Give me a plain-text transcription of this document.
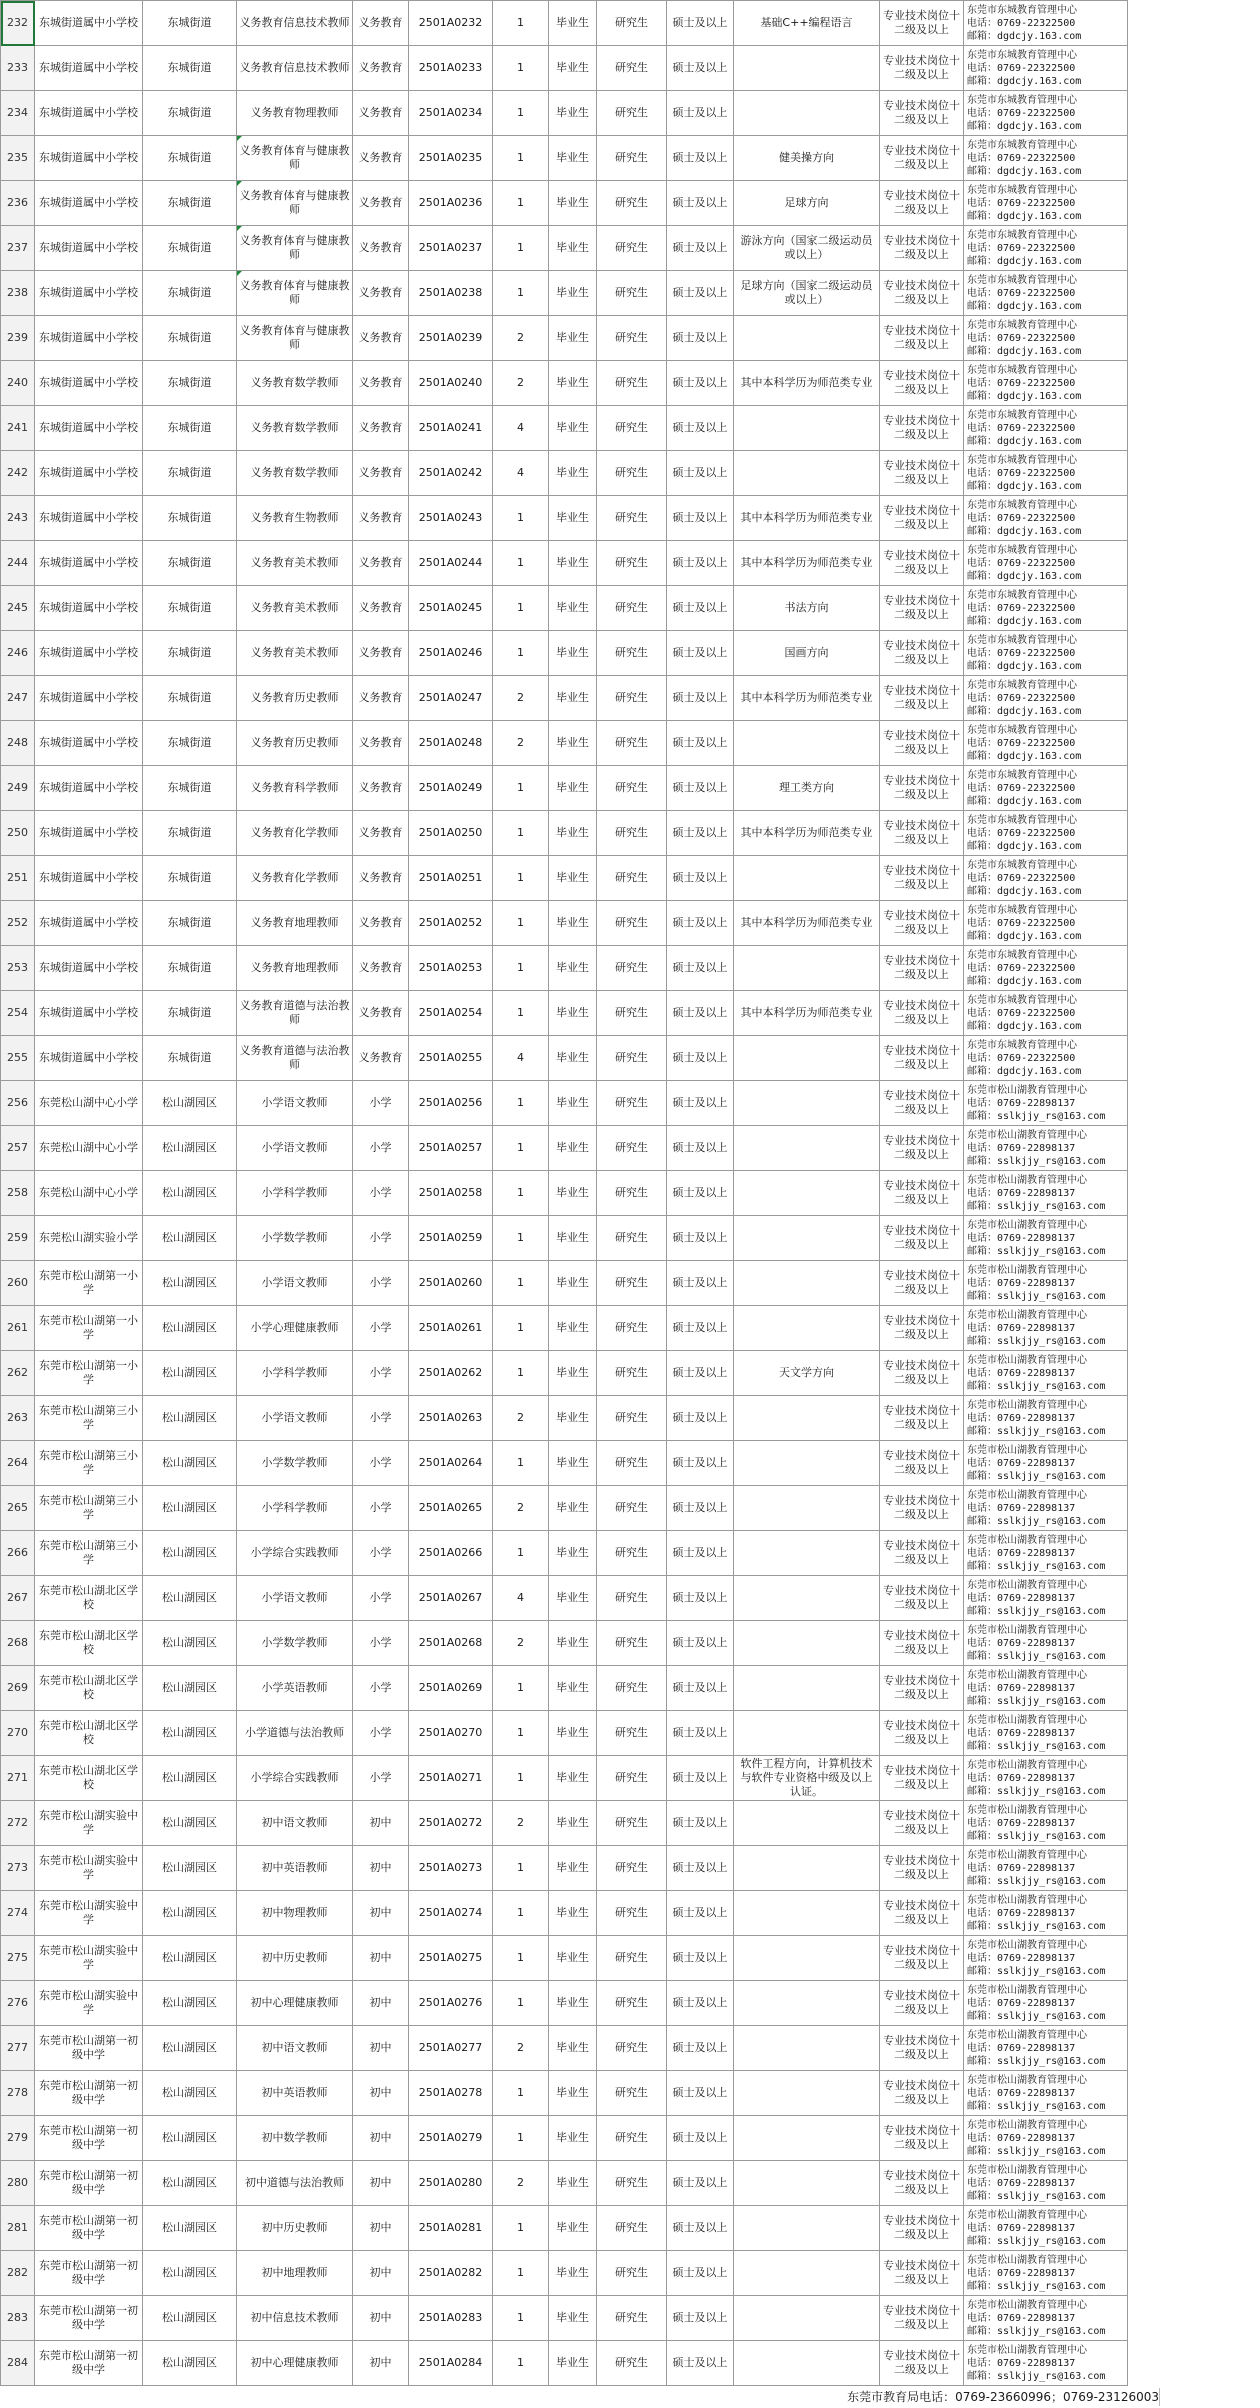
232	东城街道属中小学校	东城街道	义务教育信息技术教师	义务教育	2501A0232	1	毕业生	研究生	硕士及以上	基础C++编程语言	专业技术岗位十二级及以上	东莞市东城教育管理中心
电话：0769-22322500
邮箱：dgdcjy.163.com

233	东城街道属中小学校	东城街道	义务教育信息技术教师	义务教育	2501A0233	1	毕业生	研究生	硕士及以上		专业技术岗位十二级及以上	东莞市东城教育管理中心
电话：0769-22322500
邮箱：dgdcjy.163.com

234	东城街道属中小学校	东城街道	义务教育物理教师	义务教育	2501A0234	1	毕业生	研究生	硕士及以上		专业技术岗位十二级及以上	东莞市东城教育管理中心
电话：0769-22322500
邮箱：dgdcjy.163.com

235	东城街道属中小学校	东城街道	义务教育体育与健康教师	义务教育	2501A0235	1	毕业生	研究生	硕士及以上	健美操方向	专业技术岗位十二级及以上	东莞市东城教育管理中心
电话：0769-22322500
邮箱：dgdcjy.163.com

236	东城街道属中小学校	东城街道	义务教育体育与健康教师	义务教育	2501A0236	1	毕业生	研究生	硕士及以上	足球方向	专业技术岗位十二级及以上	东莞市东城教育管理中心
电话：0769-22322500
邮箱：dgdcjy.163.com

237	东城街道属中小学校	东城街道	义务教育体育与健康教师	义务教育	2501A0237	1	毕业生	研究生	硕士及以上	游泳方向（国家二级运动员或以上）	专业技术岗位十二级及以上	东莞市东城教育管理中心
电话：0769-22322500
邮箱：dgdcjy.163.com

238	东城街道属中小学校	东城街道	义务教育体育与健康教师	义务教育	2501A0238	1	毕业生	研究生	硕士及以上	足球方向（国家二级运动员或以上）	专业技术岗位十二级及以上	东莞市东城教育管理中心
电话：0769-22322500
邮箱：dgdcjy.163.com

239	东城街道属中小学校	东城街道	义务教育体育与健康教师	义务教育	2501A0239	2	毕业生	研究生	硕士及以上		专业技术岗位十二级及以上	东莞市东城教育管理中心
电话：0769-22322500
邮箱：dgdcjy.163.com

240	东城街道属中小学校	东城街道	义务教育数学教师	义务教育	2501A0240	2	毕业生	研究生	硕士及以上	其中本科学历为师范类专业	专业技术岗位十二级及以上	东莞市东城教育管理中心
电话：0769-22322500
邮箱：dgdcjy.163.com

241	东城街道属中小学校	东城街道	义务教育数学教师	义务教育	2501A0241	4	毕业生	研究生	硕士及以上		专业技术岗位十二级及以上	东莞市东城教育管理中心
电话：0769-22322500
邮箱：dgdcjy.163.com

242	东城街道属中小学校	东城街道	义务教育数学教师	义务教育	2501A0242	4	毕业生	研究生	硕士及以上		专业技术岗位十二级及以上	东莞市东城教育管理中心
电话：0769-22322500
邮箱：dgdcjy.163.com

243	东城街道属中小学校	东城街道	义务教育生物教师	义务教育	2501A0243	1	毕业生	研究生	硕士及以上	其中本科学历为师范类专业	专业技术岗位十二级及以上	东莞市东城教育管理中心
电话：0769-22322500
邮箱：dgdcjy.163.com

244	东城街道属中小学校	东城街道	义务教育美术教师	义务教育	2501A0244	1	毕业生	研究生	硕士及以上	其中本科学历为师范类专业	专业技术岗位十二级及以上	东莞市东城教育管理中心
电话：0769-22322500
邮箱：dgdcjy.163.com

245	东城街道属中小学校	东城街道	义务教育美术教师	义务教育	2501A0245	1	毕业生	研究生	硕士及以上	书法方向	专业技术岗位十二级及以上	东莞市东城教育管理中心
电话：0769-22322500
邮箱：dgdcjy.163.com

246	东城街道属中小学校	东城街道	义务教育美术教师	义务教育	2501A0246	1	毕业生	研究生	硕士及以上	国画方向	专业技术岗位十二级及以上	东莞市东城教育管理中心
电话：0769-22322500
邮箱：dgdcjy.163.com

247	东城街道属中小学校	东城街道	义务教育历史教师	义务教育	2501A0247	2	毕业生	研究生	硕士及以上	其中本科学历为师范类专业	专业技术岗位十二级及以上	东莞市东城教育管理中心
电话：0769-22322500
邮箱：dgdcjy.163.com

248	东城街道属中小学校	东城街道	义务教育历史教师	义务教育	2501A0248	2	毕业生	研究生	硕士及以上		专业技术岗位十二级及以上	东莞市东城教育管理中心
电话：0769-22322500
邮箱：dgdcjy.163.com

249	东城街道属中小学校	东城街道	义务教育科学教师	义务教育	2501A0249	1	毕业生	研究生	硕士及以上	理工类方向	专业技术岗位十二级及以上	东莞市东城教育管理中心
电话：0769-22322500
邮箱：dgdcjy.163.com

250	东城街道属中小学校	东城街道	义务教育化学教师	义务教育	2501A0250	1	毕业生	研究生	硕士及以上	其中本科学历为师范类专业	专业技术岗位十二级及以上	东莞市东城教育管理中心
电话：0769-22322500
邮箱：dgdcjy.163.com

251	东城街道属中小学校	东城街道	义务教育化学教师	义务教育	2501A0251	1	毕业生	研究生	硕士及以上		专业技术岗位十二级及以上	东莞市东城教育管理中心
电话：0769-22322500
邮箱：dgdcjy.163.com

252	东城街道属中小学校	东城街道	义务教育地理教师	义务教育	2501A0252	1	毕业生	研究生	硕士及以上	其中本科学历为师范类专业	专业技术岗位十二级及以上	东莞市东城教育管理中心
电话：0769-22322500
邮箱：dgdcjy.163.com

253	东城街道属中小学校	东城街道	义务教育地理教师	义务教育	2501A0253	1	毕业生	研究生	硕士及以上		专业技术岗位十二级及以上	东莞市东城教育管理中心
电话：0769-22322500
邮箱：dgdcjy.163.com

254	东城街道属中小学校	东城街道	义务教育道德与法治教师	义务教育	2501A0254	1	毕业生	研究生	硕士及以上	其中本科学历为师范类专业	专业技术岗位十二级及以上	东莞市东城教育管理中心
电话：0769-22322500
邮箱：dgdcjy.163.com

255	东城街道属中小学校	东城街道	义务教育道德与法治教师	义务教育	2501A0255	4	毕业生	研究生	硕士及以上		专业技术岗位十二级及以上	东莞市东城教育管理中心
电话：0769-22322500
邮箱：dgdcjy.163.com

256	东莞松山湖中心小学	松山湖园区	小学语文教师	小学	2501A0256	1	毕业生	研究生	硕士及以上		专业技术岗位十二级及以上	东莞市松山湖教育管理中心
电话：0769-22898137
邮箱：sslkjjy_rs@163.com

257	东莞松山湖中心小学	松山湖园区	小学语文教师	小学	2501A0257	1	毕业生	研究生	硕士及以上		专业技术岗位十二级及以上	东莞市松山湖教育管理中心
电话：0769-22898137
邮箱：sslkjjy_rs@163.com

258	东莞松山湖中心小学	松山湖园区	小学科学教师	小学	2501A0258	1	毕业生	研究生	硕士及以上		专业技术岗位十二级及以上	东莞市松山湖教育管理中心
电话：0769-22898137
邮箱：sslkjjy_rs@163.com

259	东莞松山湖实验小学	松山湖园区	小学数学教师	小学	2501A0259	1	毕业生	研究生	硕士及以上		专业技术岗位十二级及以上	东莞市松山湖教育管理中心
电话：0769-22898137
邮箱：sslkjjy_rs@163.com

260	东莞市松山湖第一小学	松山湖园区	小学语文教师	小学	2501A0260	1	毕业生	研究生	硕士及以上		专业技术岗位十二级及以上	东莞市松山湖教育管理中心
电话：0769-22898137
邮箱：sslkjjy_rs@163.com

261	东莞市松山湖第一小学	松山湖园区	小学心理健康教师	小学	2501A0261	1	毕业生	研究生	硕士及以上		专业技术岗位十二级及以上	东莞市松山湖教育管理中心
电话：0769-22898137
邮箱：sslkjjy_rs@163.com

262	东莞市松山湖第一小学	松山湖园区	小学科学教师	小学	2501A0262	1	毕业生	研究生	硕士及以上	天文学方向	专业技术岗位十二级及以上	东莞市松山湖教育管理中心
电话：0769-22898137
邮箱：sslkjjy_rs@163.com

263	东莞市松山湖第三小学	松山湖园区	小学语文教师	小学	2501A0263	2	毕业生	研究生	硕士及以上		专业技术岗位十二级及以上	东莞市松山湖教育管理中心
电话：0769-22898137
邮箱：sslkjjy_rs@163.com

264	东莞市松山湖第三小学	松山湖园区	小学数学教师	小学	2501A0264	1	毕业生	研究生	硕士及以上		专业技术岗位十二级及以上	东莞市松山湖教育管理中心
电话：0769-22898137
邮箱：sslkjjy_rs@163.com

265	东莞市松山湖第三小学	松山湖园区	小学科学教师	小学	2501A0265	2	毕业生	研究生	硕士及以上		专业技术岗位十二级及以上	东莞市松山湖教育管理中心
电话：0769-22898137
邮箱：sslkjjy_rs@163.com

266	东莞市松山湖第三小学	松山湖园区	小学综合实践教师	小学	2501A0266	1	毕业生	研究生	硕士及以上		专业技术岗位十二级及以上	东莞市松山湖教育管理中心
电话：0769-22898137
邮箱：sslkjjy_rs@163.com

267	东莞市松山湖北区学校	松山湖园区	小学语文教师	小学	2501A0267	4	毕业生	研究生	硕士及以上		专业技术岗位十二级及以上	东莞市松山湖教育管理中心
电话：0769-22898137
邮箱：sslkjjy_rs@163.com

268	东莞市松山湖北区学校	松山湖园区	小学数学教师	小学	2501A0268	2	毕业生	研究生	硕士及以上		专业技术岗位十二级及以上	东莞市松山湖教育管理中心
电话：0769-22898137
邮箱：sslkjjy_rs@163.com

269	东莞市松山湖北区学校	松山湖园区	小学英语教师	小学	2501A0269	1	毕业生	研究生	硕士及以上		专业技术岗位十二级及以上	东莞市松山湖教育管理中心
电话：0769-22898137
邮箱：sslkjjy_rs@163.com

270	东莞市松山湖北区学校	松山湖园区	小学道德与法治教师	小学	2501A0270	1	毕业生	研究生	硕士及以上		专业技术岗位十二级及以上	东莞市松山湖教育管理中心
电话：0769-22898137
邮箱：sslkjjy_rs@163.com

271	东莞市松山湖北区学校	松山湖园区	小学综合实践教师	小学	2501A0271	1	毕业生	研究生	硕士及以上	软件工程方向，计算机技术与软件专业资格中级及以上认证。	专业技术岗位十二级及以上	东莞市松山湖教育管理中心
电话：0769-22898137
邮箱：sslkjjy_rs@163.com

272	东莞市松山湖实验中学	松山湖园区	初中语文教师	初中	2501A0272	2	毕业生	研究生	硕士及以上		专业技术岗位十二级及以上	东莞市松山湖教育管理中心
电话：0769-22898137
邮箱：sslkjjy_rs@163.com

273	东莞市松山湖实验中学	松山湖园区	初中英语教师	初中	2501A0273	1	毕业生	研究生	硕士及以上		专业技术岗位十二级及以上	东莞市松山湖教育管理中心
电话：0769-22898137
邮箱：sslkjjy_rs@163.com

274	东莞市松山湖实验中学	松山湖园区	初中物理教师	初中	2501A0274	1	毕业生	研究生	硕士及以上		专业技术岗位十二级及以上	东莞市松山湖教育管理中心
电话：0769-22898137
邮箱：sslkjjy_rs@163.com

275	东莞市松山湖实验中学	松山湖园区	初中历史教师	初中	2501A0275	1	毕业生	研究生	硕士及以上		专业技术岗位十二级及以上	东莞市松山湖教育管理中心
电话：0769-22898137
邮箱：sslkjjy_rs@163.com

276	东莞市松山湖实验中学	松山湖园区	初中心理健康教师	初中	2501A0276	1	毕业生	研究生	硕士及以上		专业技术岗位十二级及以上	东莞市松山湖教育管理中心
电话：0769-22898137
邮箱：sslkjjy_rs@163.com

277	东莞市松山湖第一初级中学	松山湖园区	初中语文教师	初中	2501A0277	2	毕业生	研究生	硕士及以上		专业技术岗位十二级及以上	东莞市松山湖教育管理中心
电话：0769-22898137
邮箱：sslkjjy_rs@163.com

278	东莞市松山湖第一初级中学	松山湖园区	初中英语教师	初中	2501A0278	1	毕业生	研究生	硕士及以上		专业技术岗位十二级及以上	东莞市松山湖教育管理中心
电话：0769-22898137
邮箱：sslkjjy_rs@163.com

279	东莞市松山湖第一初级中学	松山湖园区	初中数学教师	初中	2501A0279	1	毕业生	研究生	硕士及以上		专业技术岗位十二级及以上	东莞市松山湖教育管理中心
电话：0769-22898137
邮箱：sslkjjy_rs@163.com

280	东莞市松山湖第一初级中学	松山湖园区	初中道德与法治教师	初中	2501A0280	2	毕业生	研究生	硕士及以上		专业技术岗位十二级及以上	东莞市松山湖教育管理中心
电话：0769-22898137
邮箱：sslkjjy_rs@163.com

281	东莞市松山湖第一初级中学	松山湖园区	初中历史教师	初中	2501A0281	1	毕业生	研究生	硕士及以上		专业技术岗位十二级及以上	东莞市松山湖教育管理中心
电话：0769-22898137
邮箱：sslkjjy_rs@163.com

282	东莞市松山湖第一初级中学	松山湖园区	初中地理教师	初中	2501A0282	1	毕业生	研究生	硕士及以上		专业技术岗位十二级及以上	东莞市松山湖教育管理中心
电话：0769-22898137
邮箱：sslkjjy_rs@163.com

283	东莞市松山湖第一初级中学	松山湖园区	初中信息技术教师	初中	2501A0283	1	毕业生	研究生	硕士及以上		专业技术岗位十二级及以上	东莞市松山湖教育管理中心
电话：0769-22898137
邮箱：sslkjjy_rs@163.com

284	东莞市松山湖第一初级中学	松山湖园区	初中心理健康教师	初中	2501A0284	1	毕业生	研究生	硕士及以上		专业技术岗位十二级及以上	东莞市松山湖教育管理中心
电话：0769-22898137
邮箱：sslkjjy_rs@163.com
东莞市教育局电话：0769-23660996；0769-23126003
